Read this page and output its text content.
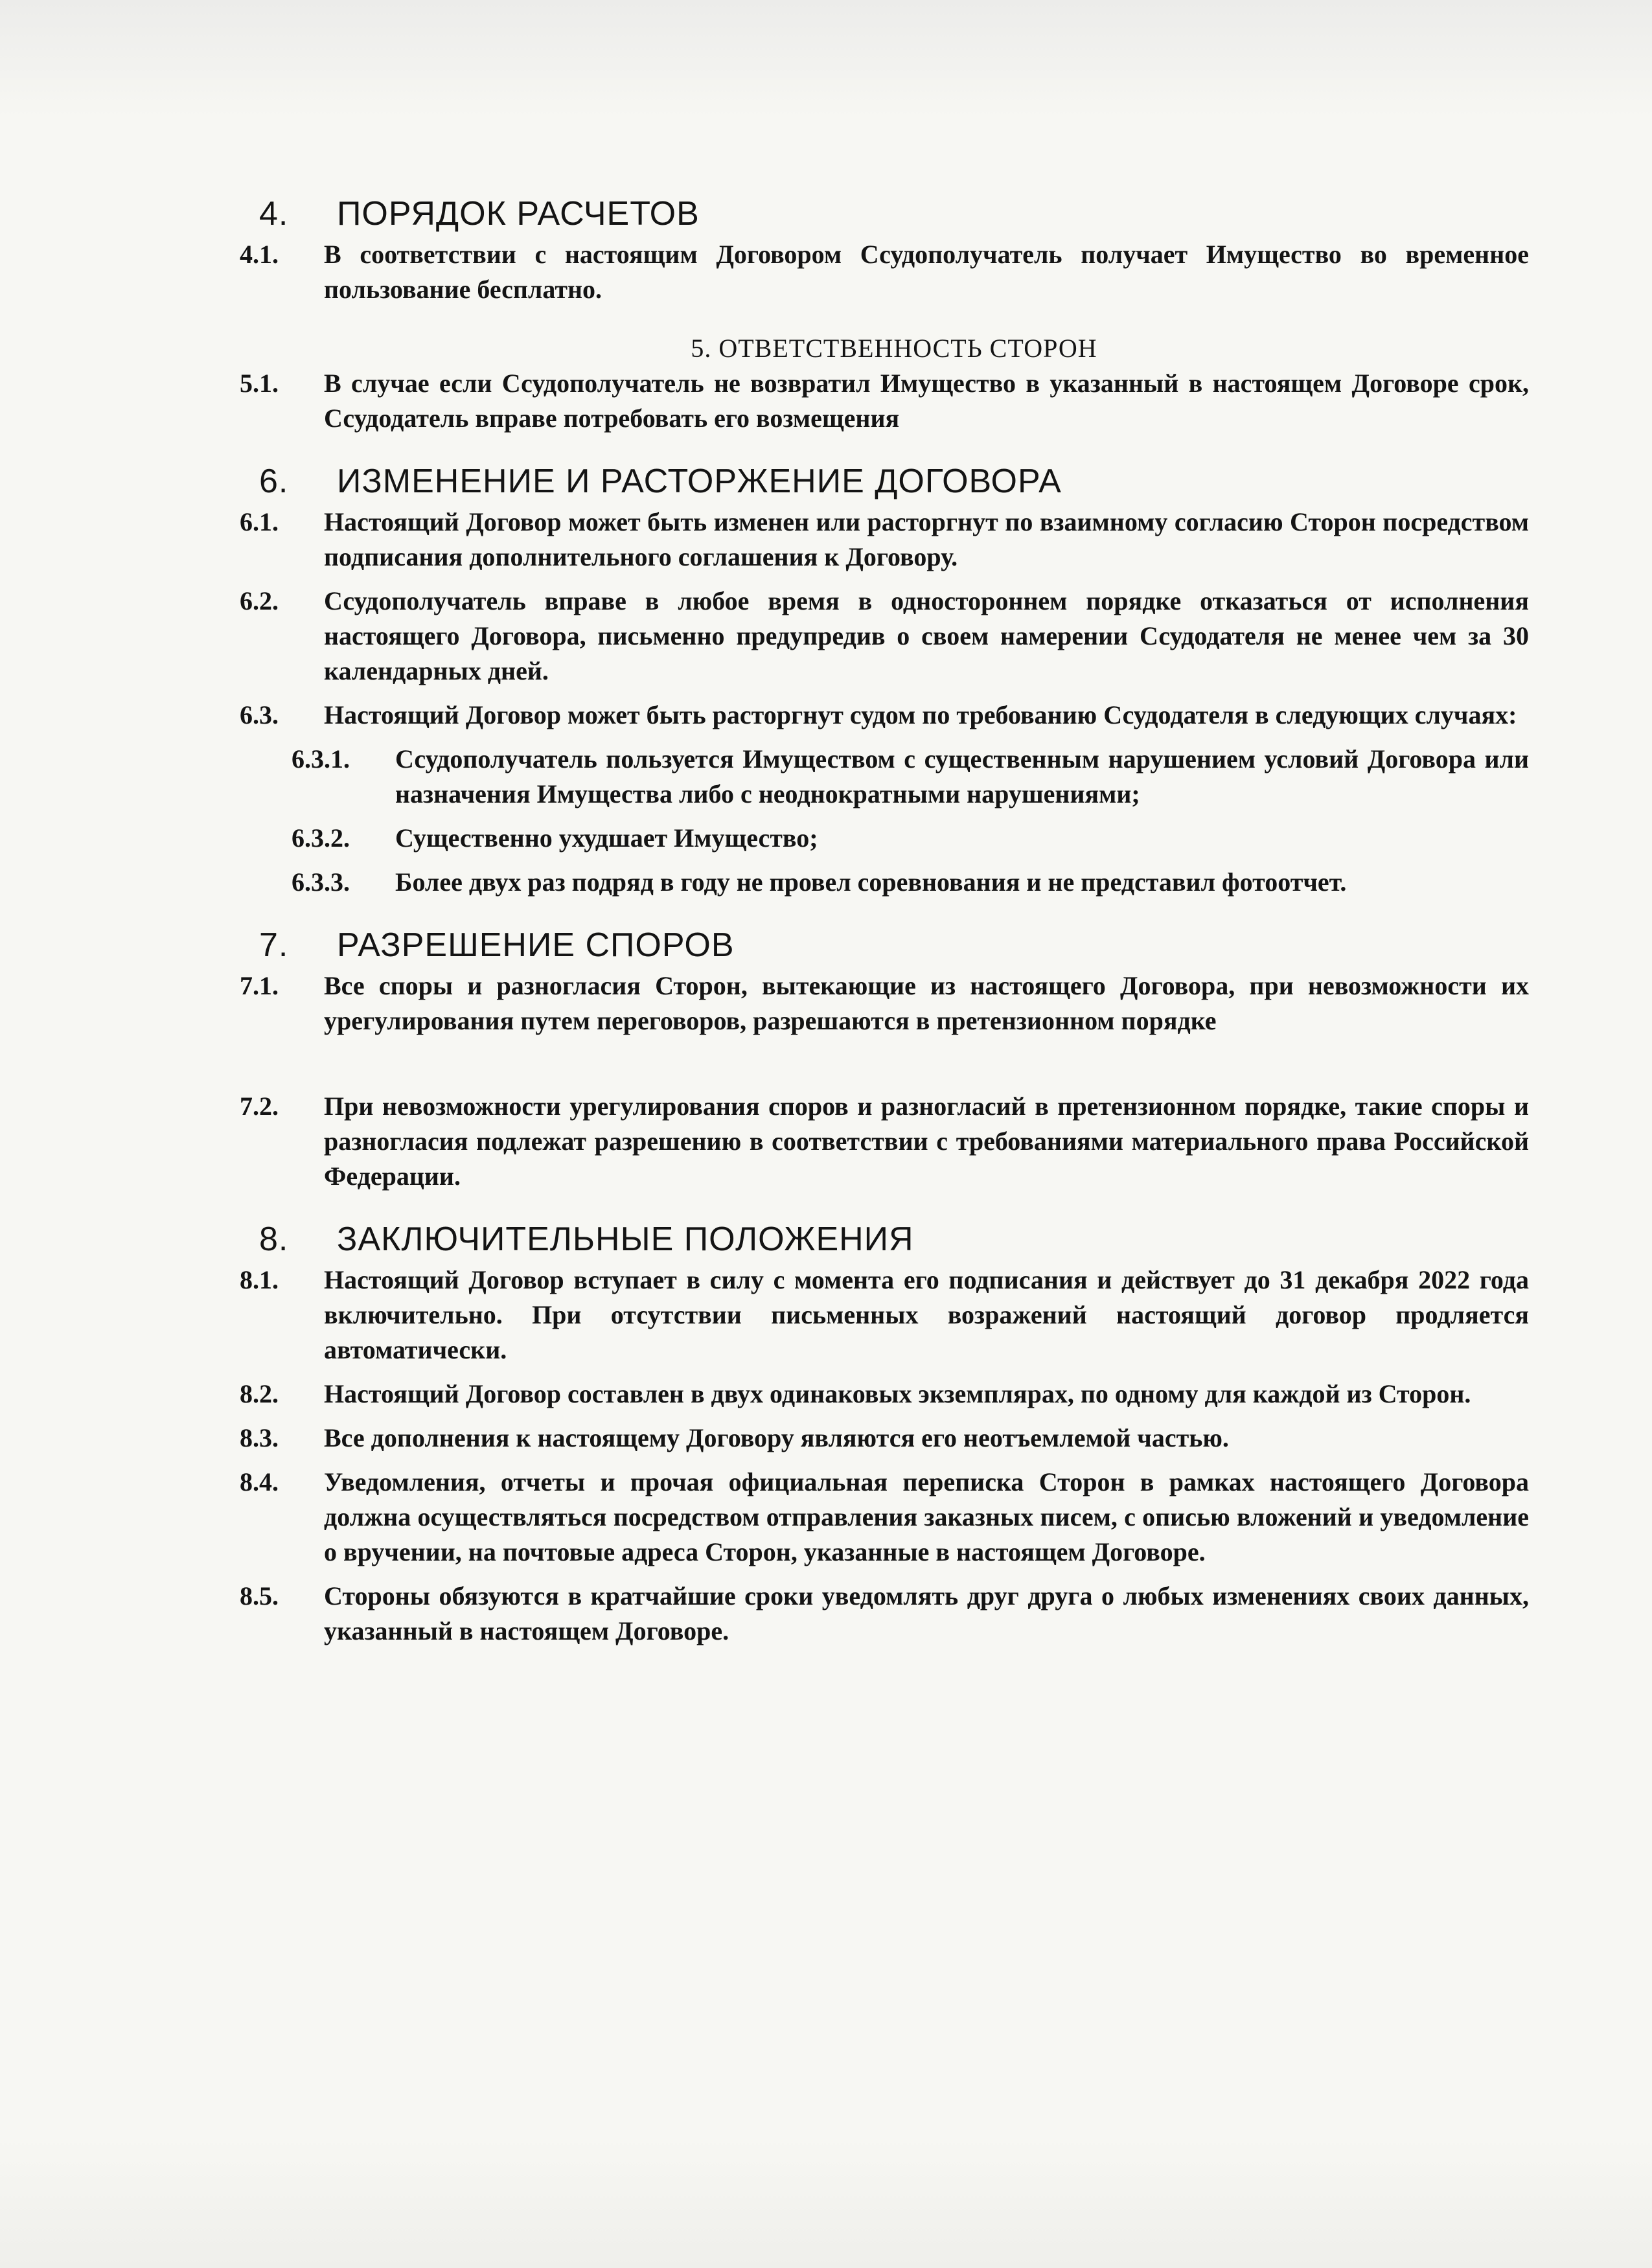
4.	ПОРЯДОК РАСЧЕТОВ
4.1.	В соответствии с настоящим Договором Ссудополучатель получает Имущество во временное пользование бесплатно.
5. ОТВЕТСТВЕННОСТЬ СТОРОН
5.1.	В случае если Ссудополучатель не возвратил Имущество в указанный в настоящем Договоре срок, Ссудодатель вправе потребовать его возмещения
6.	ИЗМЕНЕНИЕ И РАСТОРЖЕНИЕ ДОГОВОРА
6.1.	Настоящий Договор может быть изменен или расторгнут по взаимному согласию Сторон посредством подписания дополнительного соглашения к Договору.
6.2.	Ссудополучатель вправе в любое время в одностороннем порядке отказаться от исполнения настоящего Договора, письменно предупредив о своем намерении Ссудодателя не менее чем за 30 календарных дней.
6.3.	Настоящий Договор может быть расторгнут судом по требованию Ссудодателя в следующих случаях:
6.3.1.	Ссудополучатель пользуется Имуществом с существенным нарушением условий Договора или назначения Имущества либо с неоднократными нарушениями;
6.3.2.	Существенно ухудшает Имущество;
6.3.3.	Более двух раз подряд в году не провел соревнования и не представил фотоотчет.
7.	РАЗРЕШЕНИЕ СПОРОВ
7.1.	Все споры и разногласия Сторон, вытекающие из настоящего Договора, при невозможности их урегулирования путем переговоров, разрешаются в претензионном порядке
7.2.	При невозможности урегулирования споров и разногласий в претензионном порядке, такие споры и разногласия подлежат разрешению в соответствии с требованиями материального права Российской Федерации.
8.	ЗАКЛЮЧИТЕЛЬНЫЕ ПОЛОЖЕНИЯ
8.1.	Настоящий Договор вступает в силу с момента его подписания и действует до 31 декабря 2022 года включительно. При отсутствии письменных возражений настоящий договор продляется автоматически.
8.2.	Настоящий Договор составлен в двух одинаковых экземплярах, по одному для каждой из Сторон.
8.3.	Все дополнения к настоящему Договору являются его неотъемлемой частью.
8.4.	Уведомления, отчеты и прочая официальная переписка Сторон в рамках настоящего Договора должна осуществляться посредством отправления заказных писем, с описью вложений и уведомление о вручении, на почтовые адреса Сторон, указанные в настоящем Договоре.
8.5.	Стороны обязуются в кратчайшие сроки уведомлять друг друга о любых изменениях своих данных, указанный в настоящем Договоре.
